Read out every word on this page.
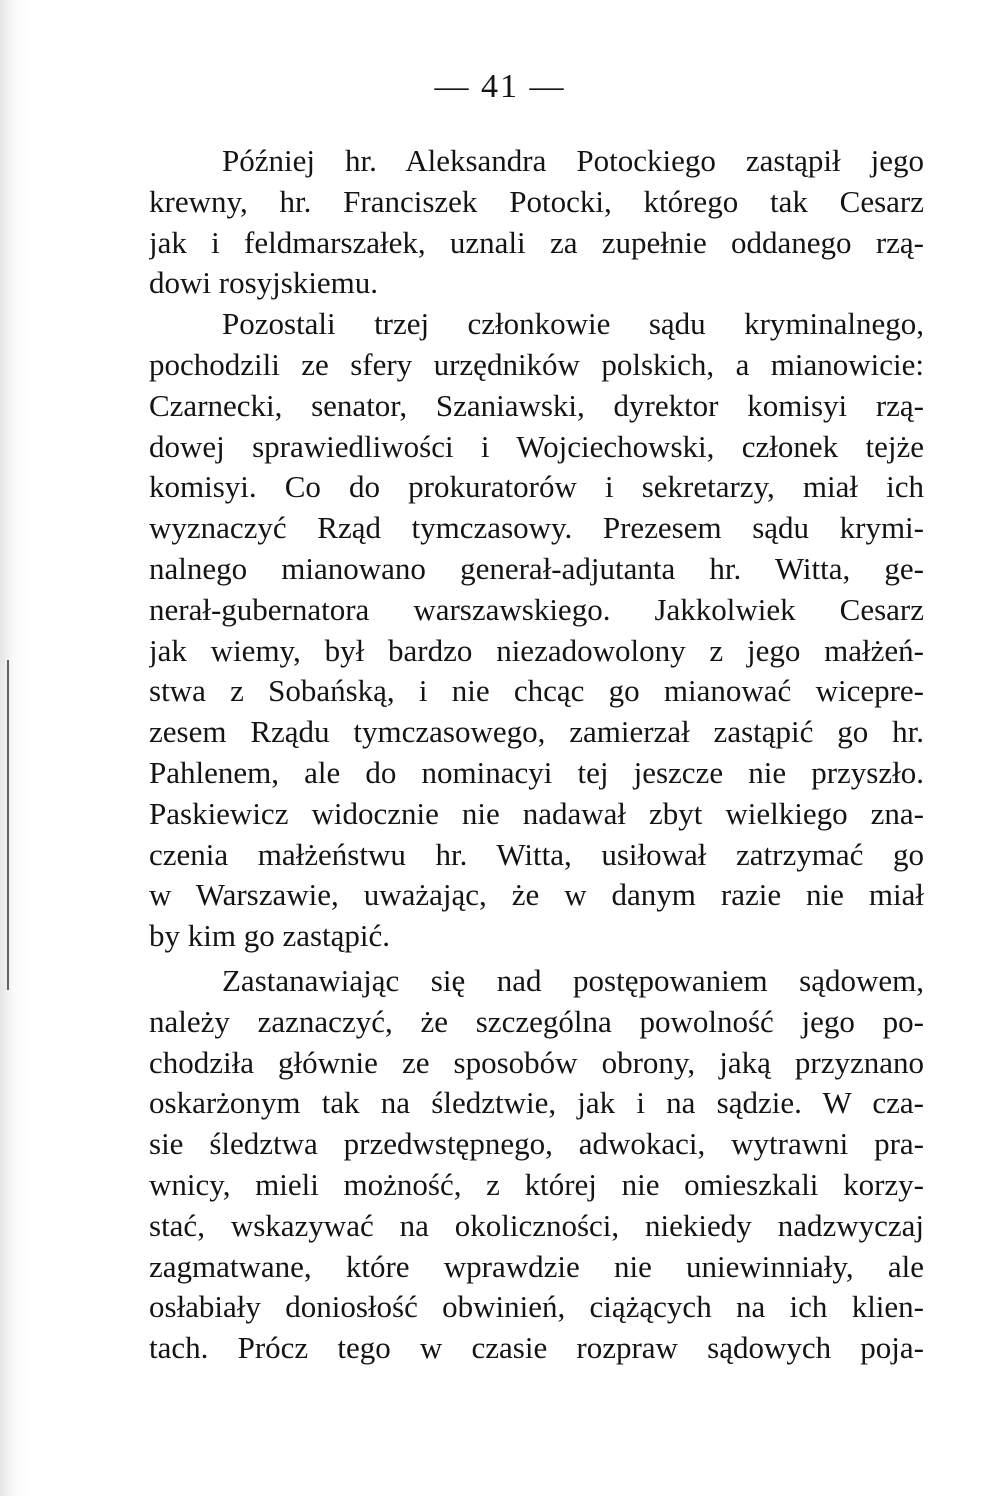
— 41 —
Później hr. Aleksandra Potockiego zastąpił jego
krewny, hr. Franciszek Potocki, którego tak Cesarz
jak i feldmarszałek, uznali za zupełnie oddanego rzą-
dowi rosyjskiemu.
Pozostali trzej członkowie sądu kryminalnego,
pochodzili ze sfery urzędników polskich, a mianowicie:
Czarnecki, senator, Szaniawski, dyrektor komisyi rzą-
dowej sprawiedliwości i Wojciechowski, członek tejże
komisyi. Co do prokuratorów i sekretarzy, miał ich
wyznaczyć Rząd tymczasowy. Prezesem sądu krymi-
nalnego mianowano generał-adjutanta hr. Witta, ge-
nerał-gubernatora warszawskiego. Jakkolwiek Cesarz
jak wiemy, był bardzo niezadowolony z jego małżeń-
stwa z Sobańską, i nie chcąc go mianować wicepre-
zesem Rządu tymczasowego, zamierzał zastąpić go hr.
Pahlenem, ale do nominacyi tej jeszcze nie przyszło.
Paskiewicz widocznie nie nadawał zbyt wielkiego zna-
czenia małżeństwu hr. Witta, usiłował zatrzymać go
w Warszawie, uważając, że w danym razie nie miał
by kim go zastąpić.
Zastanawiając się nad postępowaniem sądowem,
należy zaznaczyć, że szczególna powolność jego po-
chodziła głównie ze sposobów obrony, jaką przyznano
oskarżonym tak na śledztwie, jak i na sądzie. W cza-
sie śledztwa przedwstępnego, adwokaci, wytrawni pra-
wnicy, mieli możność, z której nie omieszkali korzy-
stać, wskazywać na okoliczności, niekiedy nadzwyczaj
zagmatwane, które wprawdzie nie uniewinniały, ale
osłabiały doniosłość obwinień, ciążących na ich klien-
tach. Prócz tego w czasie rozpraw sądowych poja-
